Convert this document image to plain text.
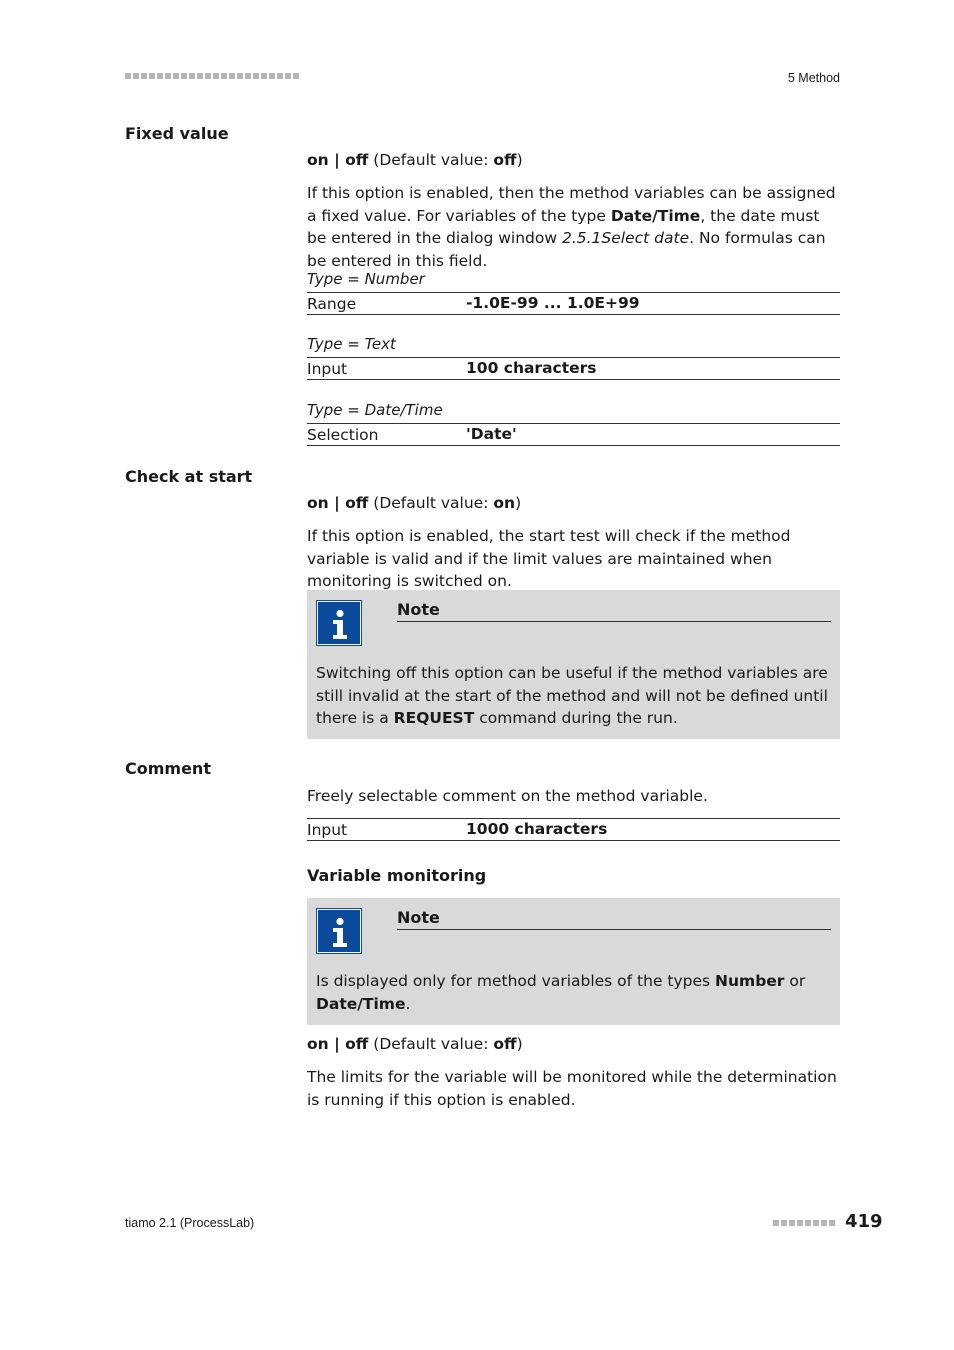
5 Method
Fixed value
on | off (Default value: off)

If this option is enabled, then the method variables can be assigned a fixed value. For variables of the type Date/Time, the date must be entered in the dialog window 2.5.1Select date. No formulas can be entered in this field.

Type = Number
Range	-1.0E-99 ... 1.0E+99
Type = Text
Input	100 characters
Type = Date/Time
Selection	'Date'
Check at start
on | off (Default value: on)

If this option is enabled, the start test will check if the method variable is valid and if the limit values are maintained when monitoring is switched on.

Note
Switching off this option can be useful if the method variables are still invalid at the start of the method and will not be defined until there is a REQUEST command during the run.
Comment

Freely selectable comment on the method variable.

Input	1000 characters
Variable monitoring
Note
Is displayed only for method variables of the types Number or Date/Time.
on | off (Default value: off)

The limits for the variable will be monitored while the determination is running if this option is enabled.

tiamo 2.1 (ProcessLab)	419
